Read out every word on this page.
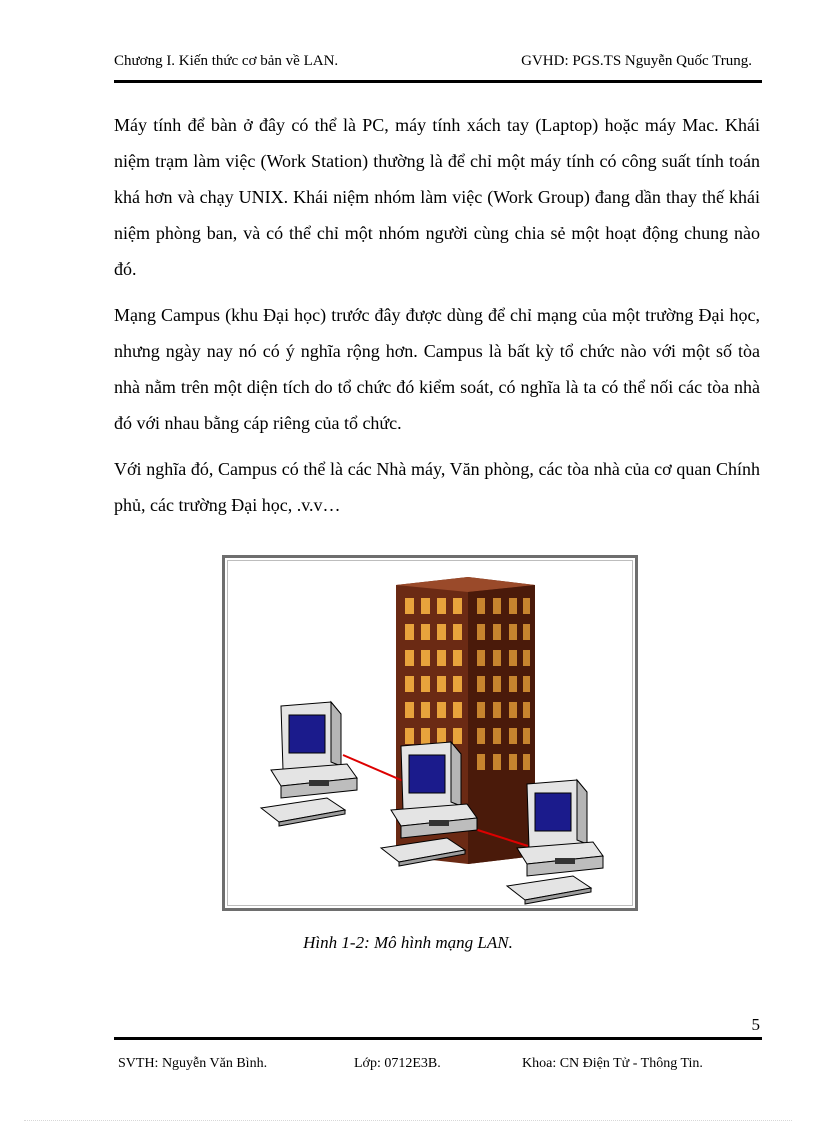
Chương I. Kiến thức cơ bản về LAN.	GVHD: PGS.TS Nguyễn Quốc Trung.

Máy tính để bàn ở đây có thể là PC, máy tính xách tay (Laptop) hoặc máy Mac. Khái niệm trạm làm việc (Work Station) thường là để chỉ một máy tính có công suất tính toán khá hơn và chạy UNIX. Khái niệm nhóm làm việc (Work Group) đang dần thay thế khái niệm phòng ban, và có thể chỉ một nhóm người cùng chia sẻ một hoạt động chung nào đó.

Mạng Campus (khu Đại học) trước đây được dùng để chỉ mạng của một trường Đại học, nhưng ngày nay nó có ý nghĩa rộng hơn. Campus là bất kỳ tổ chức nào với một số tòa nhà nằm trên một diện tích do tổ chức đó kiểm soát, có nghĩa là ta có thể nối các tòa nhà đó với nhau bằng cáp riêng của tổ chức.

Với nghĩa đó, Campus có thể là các Nhà máy, Văn phòng, các tòa nhà của cơ quan Chính phủ, các trường Đại học, .v.v…

Hình 1-2: Mô hình mạng LAN.
5
SVTH: Nguyễn Văn Bình.	Lớp: 0712E3B.	Khoa: CN Điện Tử - Thông Tin.
